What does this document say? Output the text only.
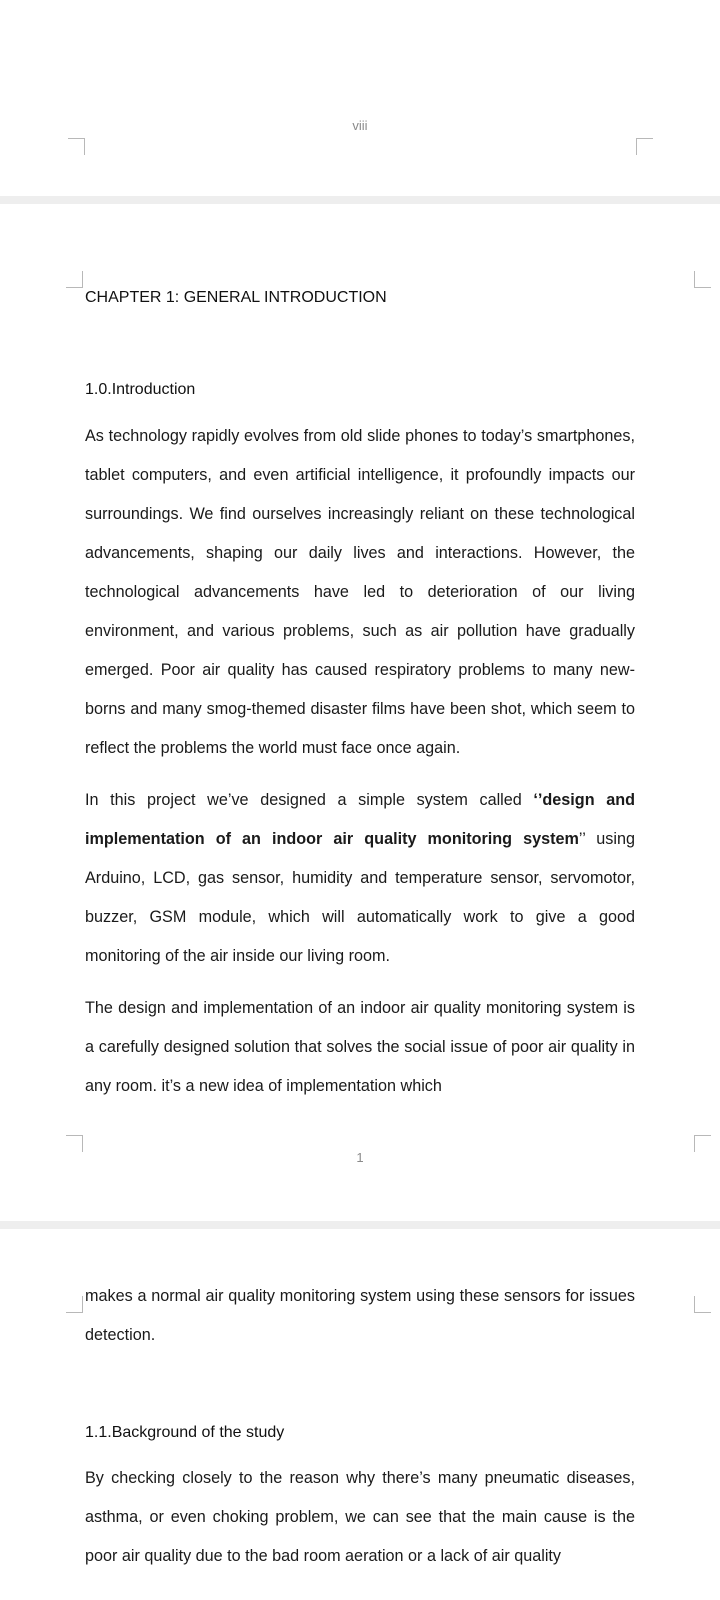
viii
CHAPTER 1: GENERAL INTRODUCTION
1.0.Introduction

As technology rapidly evolves from old slide phones to today’s smartphones, tablet computers, and even artificial intelligence, it profoundly impacts our surroundings. We find ourselves increasingly reliant on these technological advancements, shaping our daily lives and interactions. However, the technological advancements have led to deterioration of our living environment, and various problems, such as air pollution have gradually emerged. Poor air quality has caused respiratory problems to many new-borns and many smog-themed disaster films have been shot, which seem to reflect the problems the world must face once again.

In this project we’ve designed a simple system called ‘’design and implementation of an indoor air quality monitoring system’’ using Arduino, LCD, gas sensor, humidity and temperature sensor, servomotor, buzzer, GSM module, which will automatically work to give a good monitoring of the air inside our living room.

The design and implementation of an indoor air quality monitoring system is a carefully designed solution that solves the social issue of poor air quality in any room. it’s a new idea of implementation which

1

makes a normal air quality monitoring system using these sensors for issues detection.

1.1.Background of the study

By checking closely to the reason why there’s many pneumatic diseases, asthma, or even choking problem, we can see that the main cause is the poor air quality due to the bad room aeration or a lack of air quality
